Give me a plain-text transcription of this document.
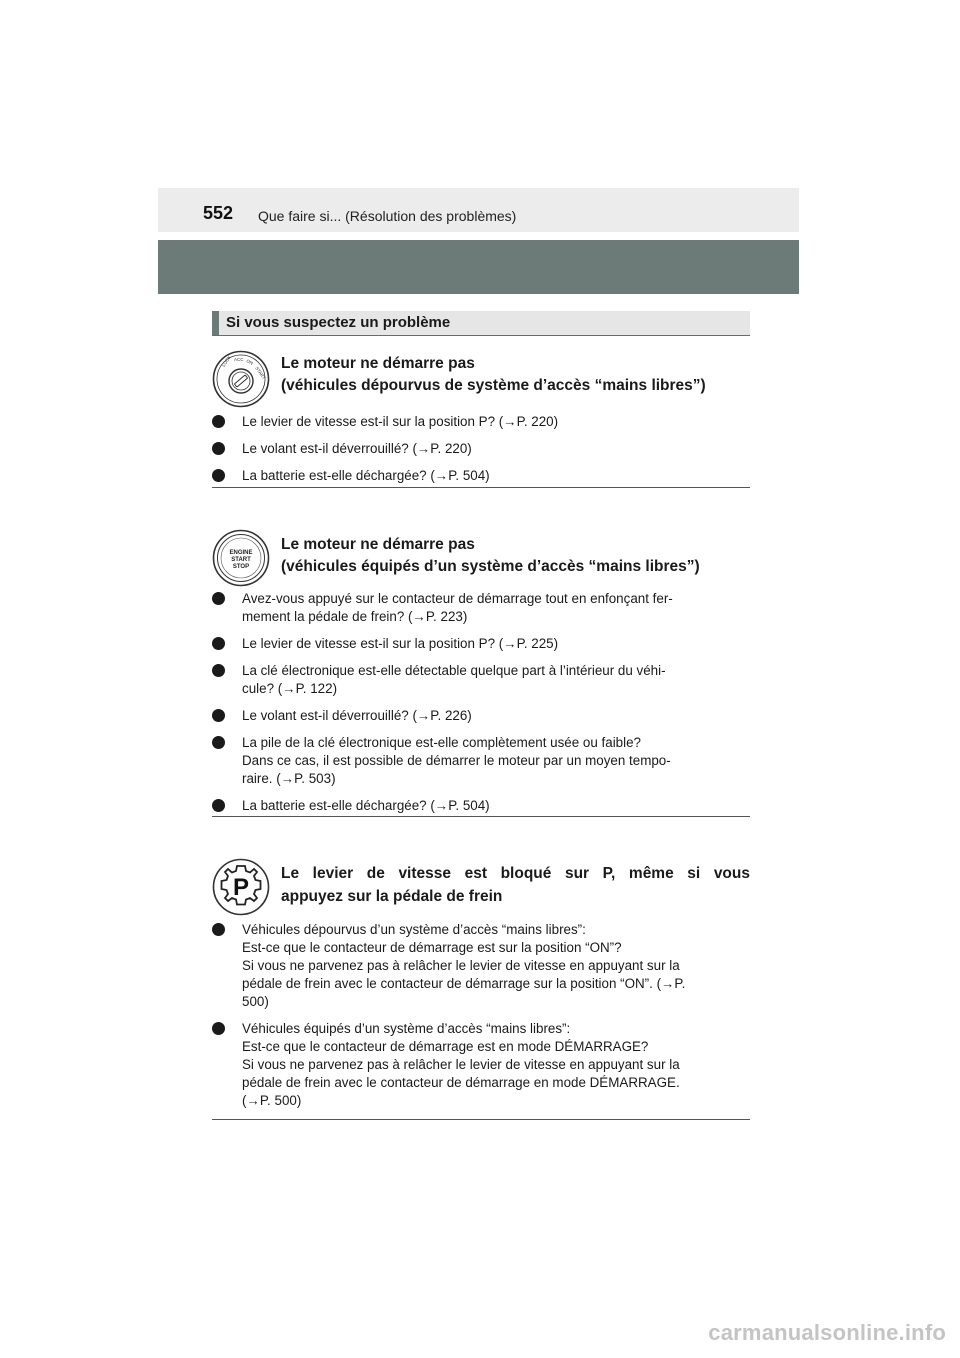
552 Que faire si... (Résolution des problèmes)
Si vous suspectez un problème
LOCK ACC ON
START
Le moteur ne démarre pas
(véhicules dépourvus de système d’accès “mains libres”)
Le levier de vitesse est-il sur la position P? (→P. 220)
Le volant est-il déverrouillé? (→P. 220)
La batterie est-elle déchargée? (→P. 504)
ENGINE
START
STOP
Le moteur ne démarre pas
(véhicules équipés d’un système d’accès “mains libres”)
Avez-vous appuyé sur le contacteur de démarrage tout en enfonçant fer-
mement la pédale de frein? (→P. 223)
Le levier de vitesse est-il sur la position P? (→P. 225)
La clé électronique est-elle détectable quelque part à l’intérieur du véhi-
cule? (→P. 122)
Le volant est-il déverrouillé? (→P. 226)
La pile de la clé électronique est-elle complètement usée ou faible?
Dans ce cas, il est possible de démarrer le moteur par un moyen tempo-
raire. (→P. 503)
La batterie est-elle déchargée? (→P. 504)
P
Le levier de vitesse est bloqué sur P, même si vous
appuyez sur la pédale de frein
Véhicules dépourvus d’un système d’accès “mains libres”:
Est-ce que le contacteur de démarrage est sur la position “ON”?
Si vous ne parvenez pas à relâcher le levier de vitesse en appuyant sur la
pédale de frein avec le contacteur de démarrage sur la position “ON”. (→P.
500)
Véhicules équipés d’un système d’accès “mains libres”:
Est-ce que le contacteur de démarrage est en mode DÉMARRAGE?
Si vous ne parvenez pas à relâcher le levier de vitesse en appuyant sur la
pédale de frein avec le contacteur de démarrage en mode DÉMARRAGE.
(→P. 500)
carmanualsonline.info
